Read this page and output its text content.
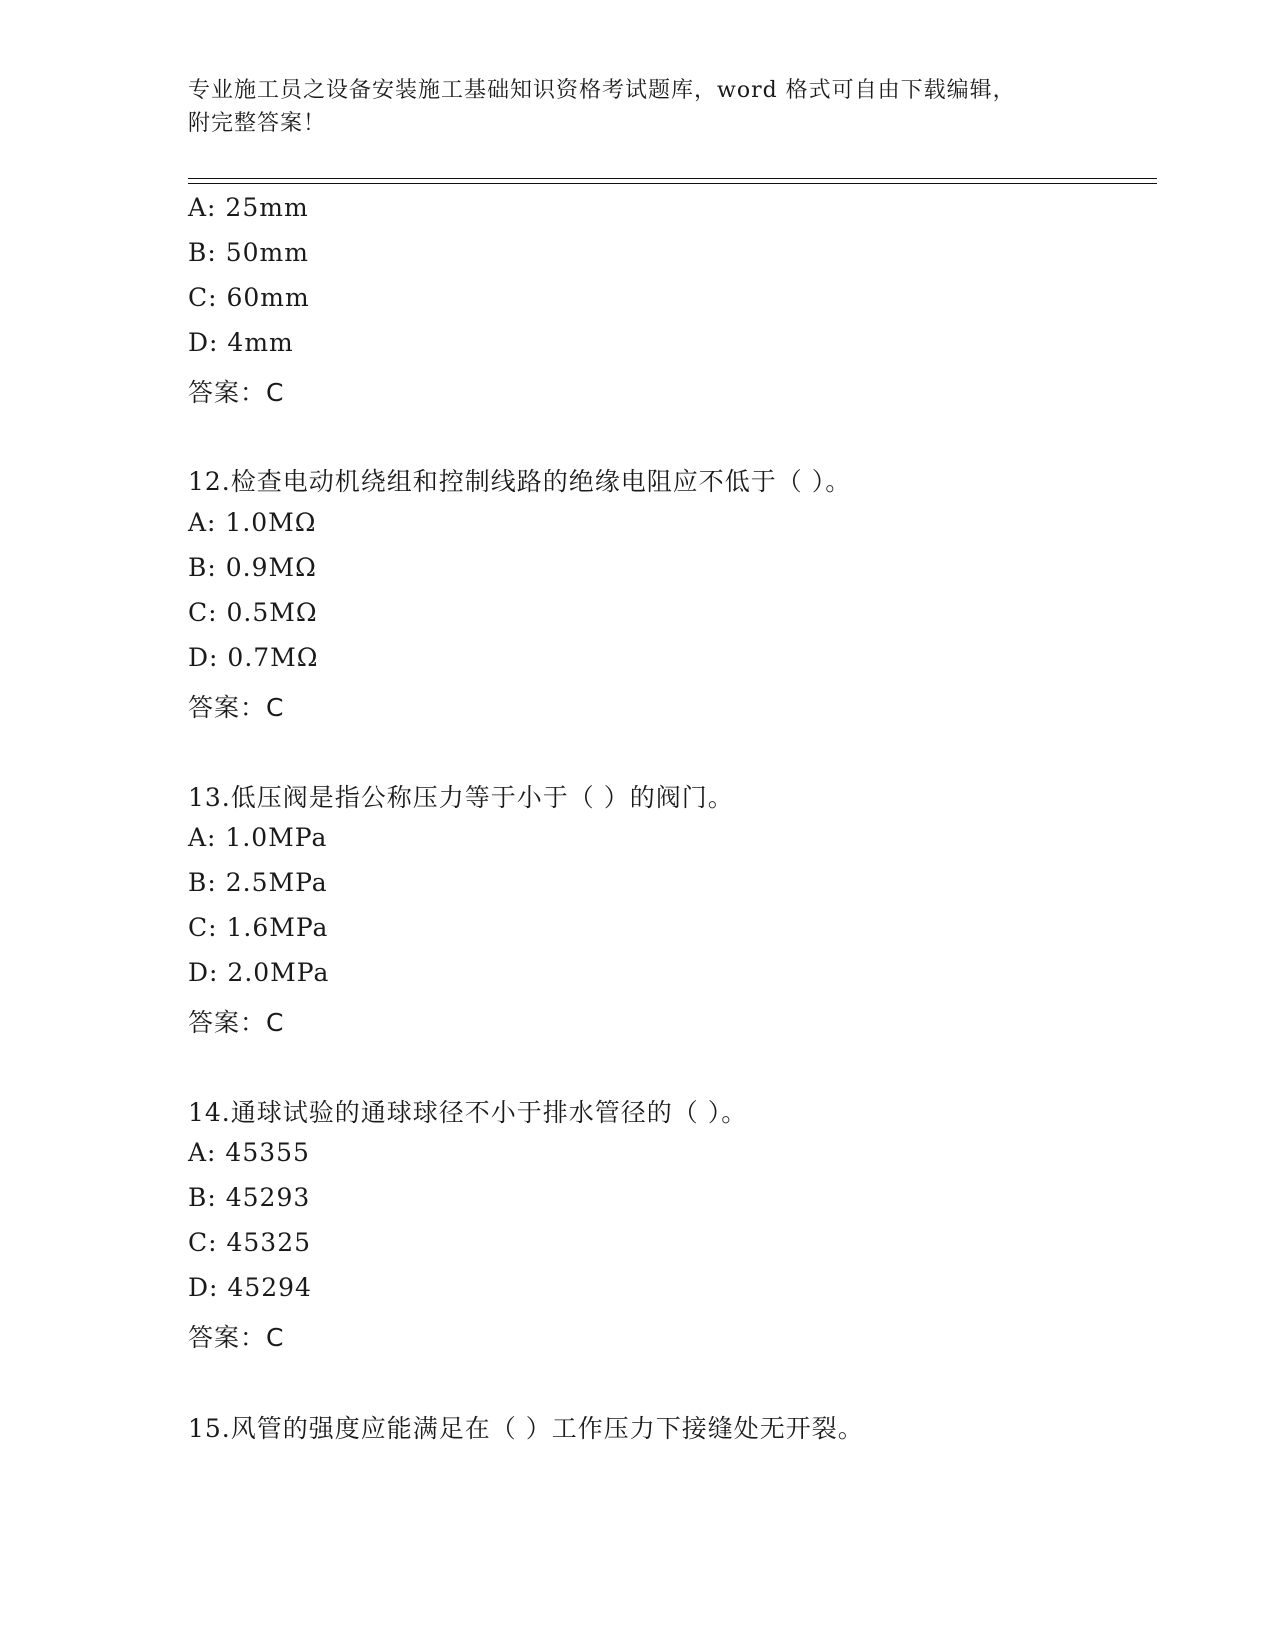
专业施工员之设备安装施工基础知识资格考试题库，word 格式可自由下载编辑，
附完整答案！
A: 25mm
B: 50mm
C: 60mm
D: 4mm
答案：C
12.检查电动机绕组和控制线路的绝缘电阻应不低于（ ）。
A: 1.0MΩ
B: 0.9MΩ
C: 0.5MΩ
D: 0.7MΩ
答案：C
13.低压阀是指公称压力等于小于（ ）的阀门。
A: 1.0MPa
B: 2.5MPa
C: 1.6MPa
D: 2.0MPa
答案：C
14.通球试验的通球球径不小于排水管径的（ ）。
A: 45355
B: 45293
C: 45325
D: 45294
答案：C
15.风管的强度应能满足在（ ）工作压力下接缝处无开裂。
